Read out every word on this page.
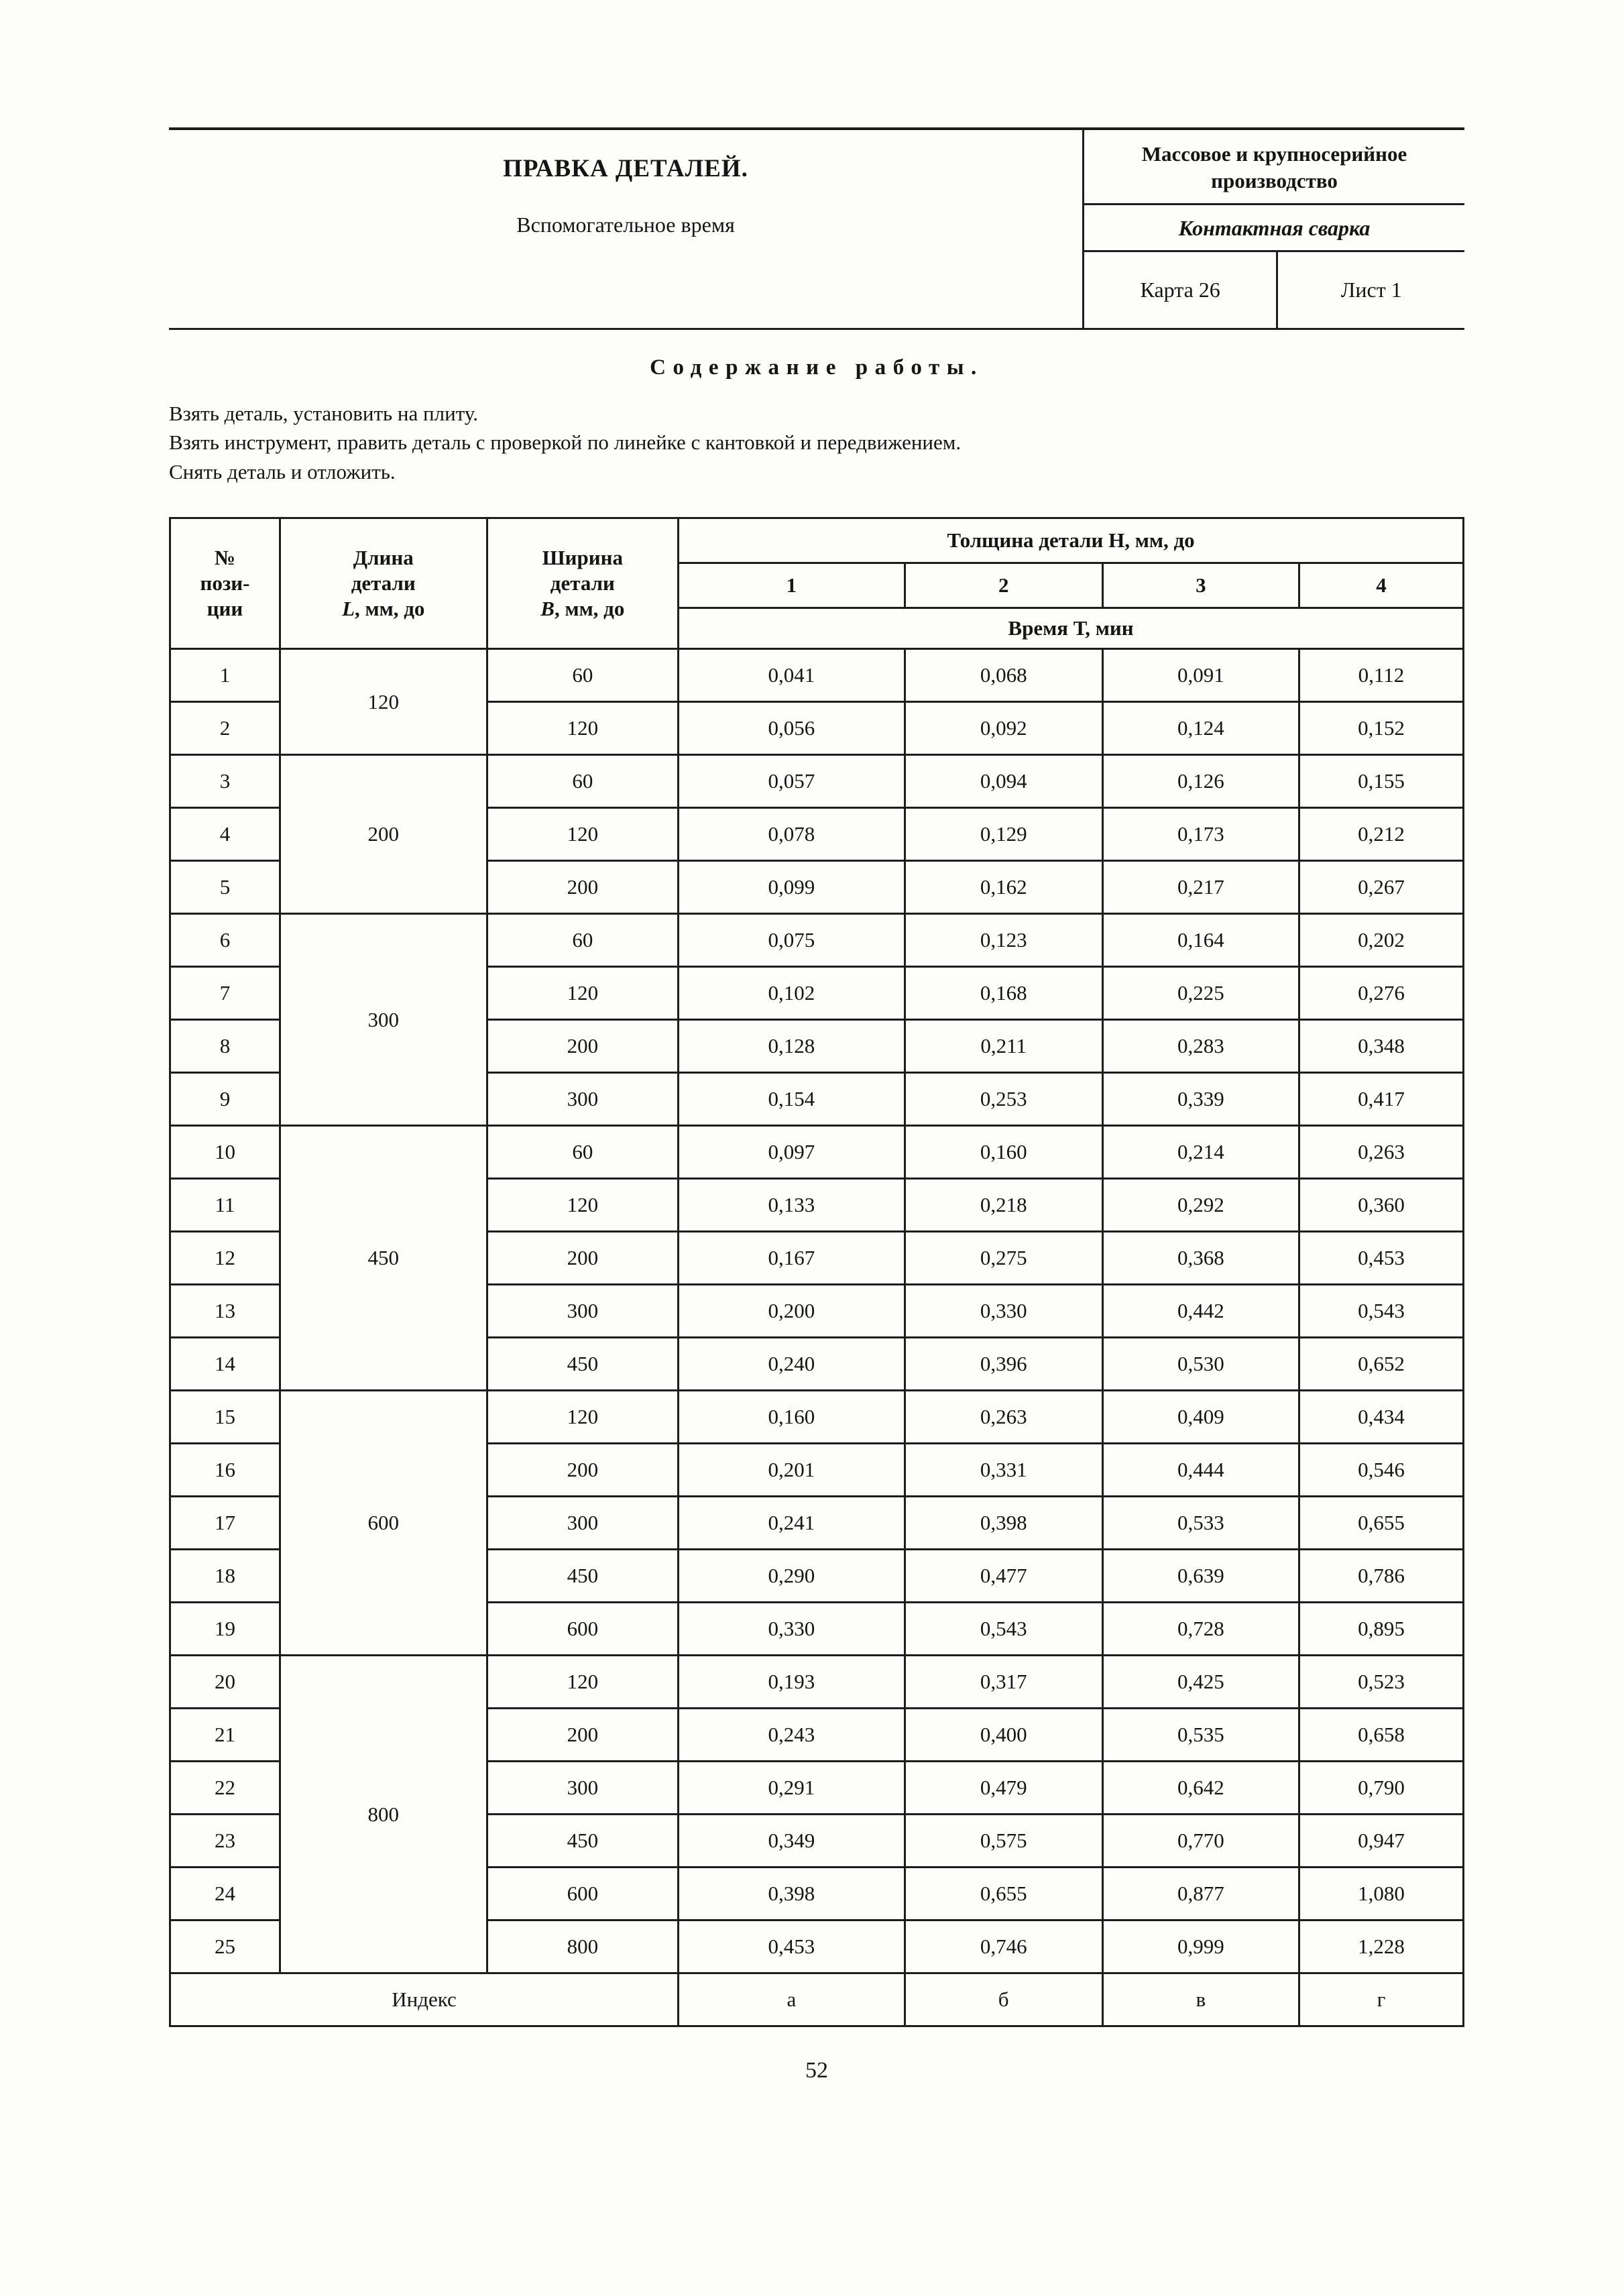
ПРАВКА ДЕТАЛЕЙ.
Вспомогательное время
Массовое и крупносерийное производство
Контактная сварка
Карта 26	Лист 1
Содержание работы.
Взять деталь, установить на плиту.
Взять инструмент, править деталь с проверкой по линейке с кантовкой и передвижением.
Снять деталь и отложить.
№
пози-
ции	Длина
детали
L, мм, до	Ширина
детали
В, мм, до	Толщина детали Н, мм, до			
			1	2	3	4
			Время Т, мин			
1	120	60	0,041	0,068	0,091	0,112
2		120	0,056	0,092	0,124	0,152
3	200	60	0,057	0,094	0,126	0,155
4		120	0,078	0,129	0,173	0,212
5		200	0,099	0,162	0,217	0,267
6	300	60	0,075	0,123	0,164	0,202
7		120	0,102	0,168	0,225	0,276
8		200	0,128	0,211	0,283	0,348
9		300	0,154	0,253	0,339	0,417
10	450	60	0,097	0,160	0,214	0,263
11		120	0,133	0,218	0,292	0,360
12		200	0,167	0,275	0,368	0,453
13		300	0,200	0,330	0,442	0,543
14		450	0,240	0,396	0,530	0,652
15	600	120	0,160	0,263	0,409	0,434
16		200	0,201	0,331	0,444	0,546
17		300	0,241	0,398	0,533	0,655
18		450	0,290	0,477	0,639	0,786
19		600	0,330	0,543	0,728	0,895
20	800	120	0,193	0,317	0,425	0,523
21		200	0,243	0,400	0,535	0,658
22		300	0,291	0,479	0,642	0,790
23		450	0,349	0,575	0,770	0,947
24		600	0,398	0,655	0,877	1,080
25		800	0,453	0,746	0,999	1,228
Индекс			а	б	в	г
52
